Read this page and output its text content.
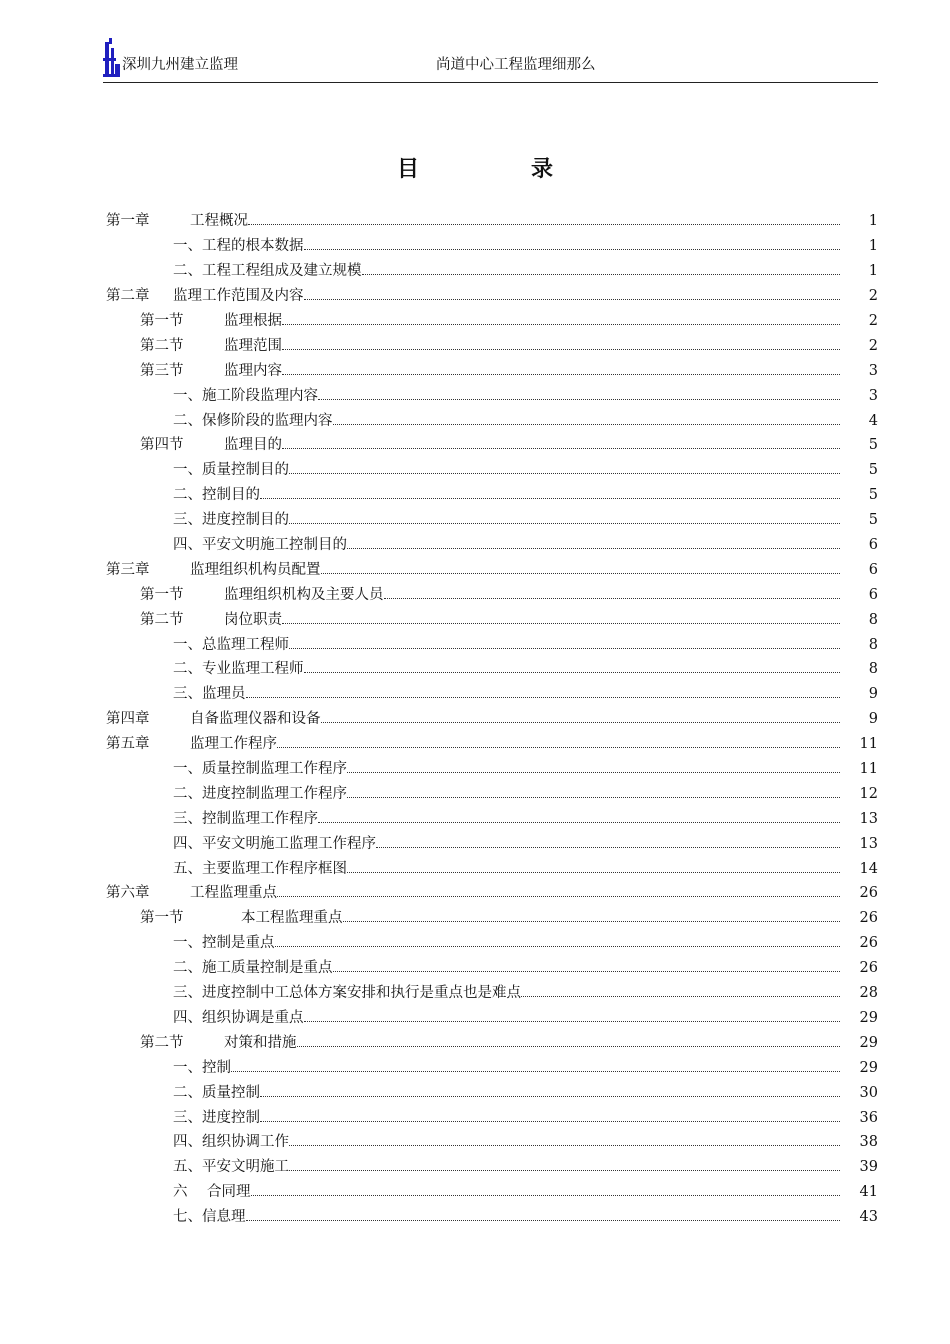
深圳九州建立监理	尚道中心工程监理细那么
目	录
第一章	工程概况	1
一、工程的根本数据	1
二、工程工程组成及建立规模	1
第二章 监理工作范围及内容	2
第一节	监理根据	2
第二节	监理范围	2
第三节	监理内容	3
一、施工阶段监理内容	3
二、保修阶段的监理内容	4
第四节	监理目的	5
一、质量控制目的	5
二、控制目的	5
三、进度控制目的	5
四、平安文明施工控制目的	6
第三章	监理组织机构员配置	6
第一节	监理组织机构及主要人员	6
第二节	岗位职责	8
一、总监理工程师	8
二、专业监理工程师	8
三、监理员	9
第四章	自备监理仪器和设备	9
第五章	监理工作程序	11
一、质量控制监理工作程序	11
二、进度控制监理工作程序	12
三、控制监理工作程序	13
四、平安文明施工监理工作程序	13
五、主要监理工作程序框图	14
第六章	工程监理重点	26
第一节	本工程监理重点	26
一、控制是重点	26
二、施工质量控制是重点	26
三、进度控制中工总体方案安排和执行是重点也是难点	28
四、组织协调是重点	29
第二节	对策和措施	29
一、控制	29
二、质量控制	30
三、进度控制	36
四、组织协调工作	38
五、平安文明施工	39
六 合同理	41
七、信息理	43
